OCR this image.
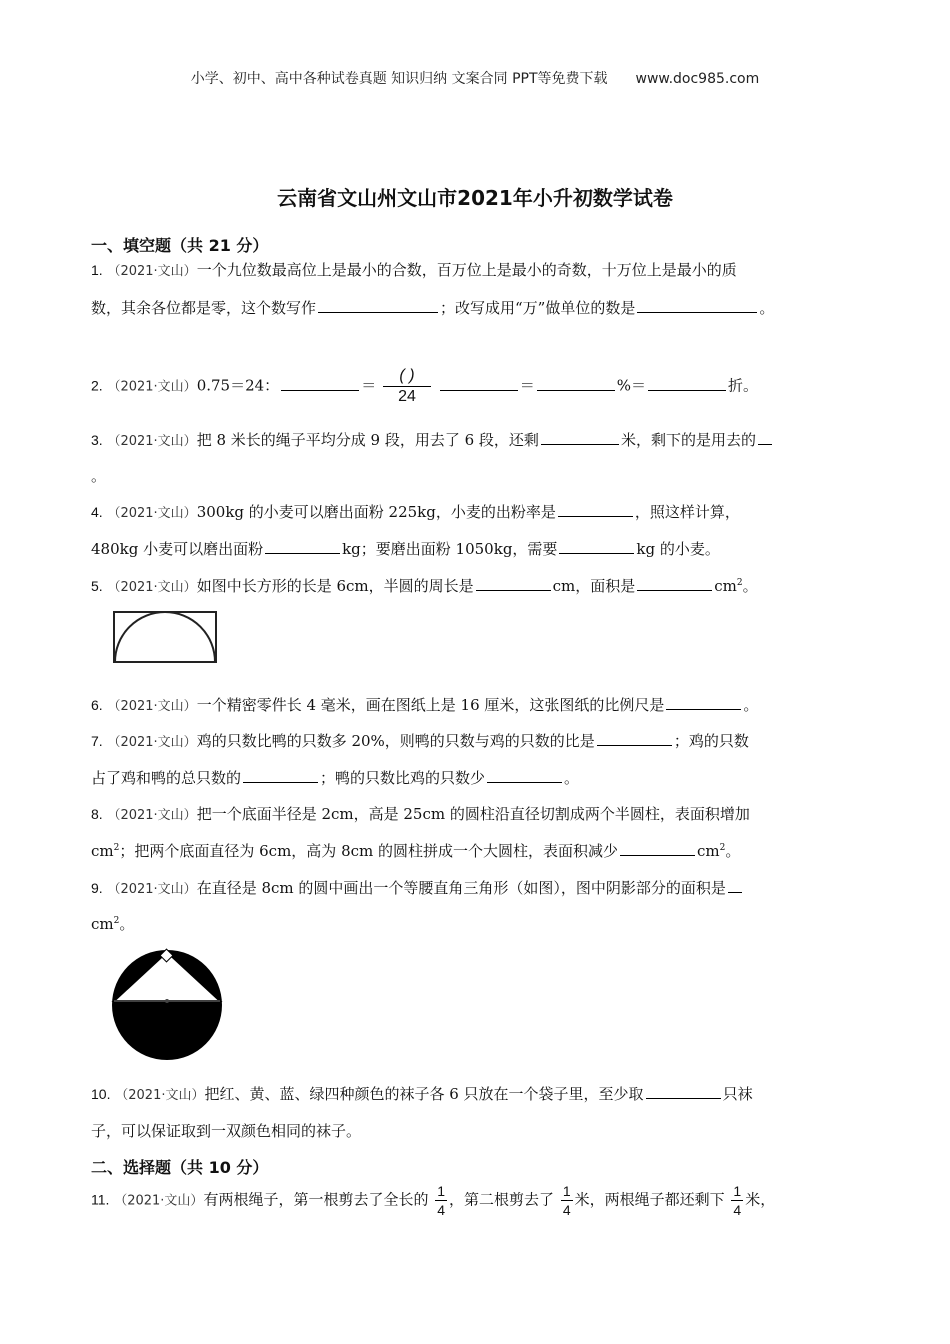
小学、初中、高中各种试卷真题 知识归纳 文案合同 PPT等免费下载 www.doc985.com
云南省文山州文山市2021年小升初数学试卷
一、填空题（共 21 分）
1. （2021·文山）一个九位数最高位上是最小的合数，百万位上是最小的奇数，十万位上是最小的质
数，其余各位都是零，这个数写作	；改写成用“万”做单位的数是	。
2. （2021·文山）0.75＝24：	＝ $\frac{( )}{24}$	＝	%＝	折。
3. （2021·文山）把 8 米长的绳子平均分成 9 段，用去了 6 段，还剩	米，剩下的是用去的
。
4. （2021·文山）300kg 的小麦可以磨出面粉 225kg，小麦的出粉率是	，照这样计算，
480kg 小麦可以磨出面粉	kg；要磨出面粉 1050kg，需要	kg 的小麦。
5. （2021·文山）如图中长方形的长是 6cm，半圆的周长是	cm，面积是	$cm^2$。
6. （2021·文山）一个精密零件长 4 毫米，画在图纸上是 16 厘米，这张图纸的比例尺是	。
7. （2021·文山）鸡的只数比鸭的只数多 20%，则鸭的只数与鸡的只数的比是	；鸡的只数
占了鸡和鸭的总只数的	；鸭的只数比鸡的只数少	。
8. （2021·文山）把一个底面半径是 2cm，高是 25cm 的圆柱沿直径切割成两个半圆柱，表面积增加
$cm^2$；把两个底面直径为 6cm，高为 8cm 的圆柱拼成一个大圆柱，表面积减少	$cm^2$。
9. （2021·文山）在直径是 8cm 的圆中画出一个等腰直角三角形（如图），图中阴影部分的面积是
$cm^2$。
10. （2021·文山）把红、黄、蓝、绿四种颜色的袜子各 6 只放在一个袋子里，至少取	只袜
子，可以保证取到一双颜色相同的袜子。
二、选择题（共 10 分）
11. （2021·文山）有两根绳子，第一根剪去了全长的 $\frac{1}{4}$ ，第二根剪去了 $\frac{1}{4}$ 米，两根绳子都还剩下 $\frac{1}{4}$ 米，
